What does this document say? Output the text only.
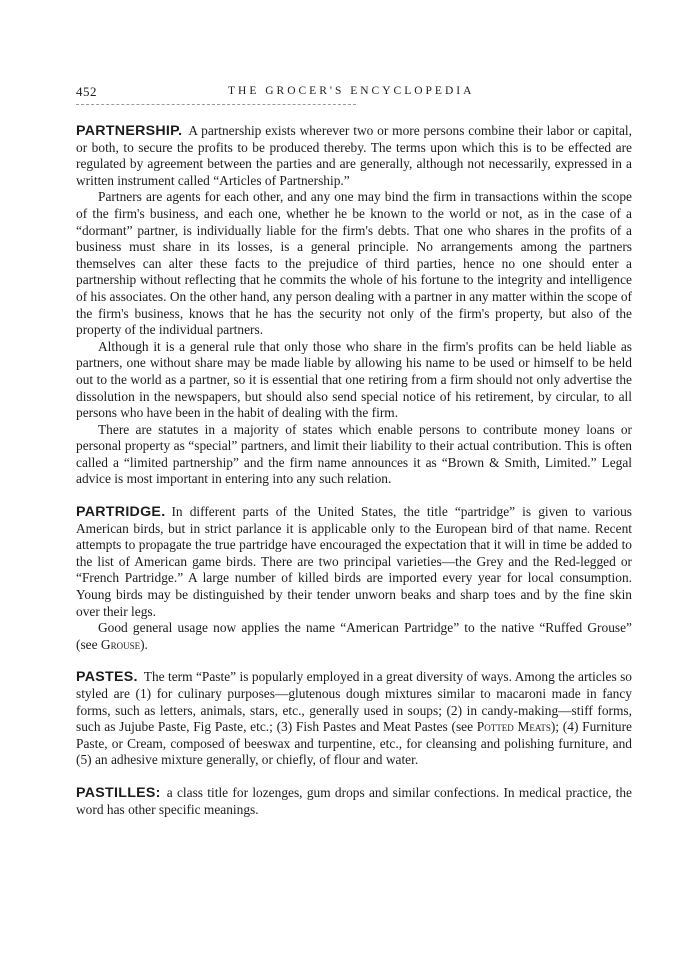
452	THE GROCER'S ENCYCLOPEDIA

PARTNERSHIP. A partnership exists wherever two or more persons combine their labor or capital, or both, to secure the profits to be produced thereby. The terms upon which this is to be effected are regulated by agreement between the parties and are generally, although not necessarily, expressed in a written instrument called “Articles of Partnership.”

Partners are agents for each other, and any one may bind the firm in transactions within the scope of the firm's business, and each one, whether he be known to the world or not, as in the case of a “dormant” partner, is individually liable for the firm's debts. That one who shares in the profits of a business must share in its losses, is a general principle. No arrangements among the partners themselves can alter these facts to the prejudice of third parties, hence no one should enter a partnership without reflecting that he commits the whole of his fortune to the integrity and intelligence of his associates. On the other hand, any person dealing with a partner in any matter within the scope of the firm's business, knows that he has the security not only of the firm's property, but also of the property of the individual partners.

Although it is a general rule that only those who share in the firm's profits can be held liable as partners, one without share may be made liable by allowing his name to be used or himself to be held out to the world as a partner, so it is essential that one retiring from a firm should not only advertise the dissolution in the newspapers, but should also send special notice of his retirement, by circular, to all persons who have been in the habit of dealing with the firm.

There are statutes in a majority of states which enable persons to contribute money loans or personal property as “special” partners, and limit their liability to their actual contribution. This is often called a “limited partnership” and the firm name announces it as “Brown & Smith, Limited.” Legal advice is most important in entering into any such relation.

PARTRIDGE. In different parts of the United States, the title “partridge” is given to various American birds, but in strict parlance it is applicable only to the European bird of that name. Recent attempts to propagate the true partridge have encouraged the expectation that it will in time be added to the list of American game birds. There are two principal varieties—the Grey and the Red-legged or “French Partridge.” A large number of killed birds are imported every year for local consumption. Young birds may be distinguished by their tender unworn beaks and sharp toes and by the fine skin over their legs.

Good general usage now applies the name “American Partridge” to the native “Ruffed Grouse” (see Grouse).

PASTES. The term “Paste” is popularly employed in a great diversity of ways. Among the articles so styled are (1) for culinary purposes—glutenous dough mixtures similar to macaroni made in fancy forms, such as letters, animals, stars, etc., generally used in soups; (2) in candy-making—stiff forms, such as Jujube Paste, Fig Paste, etc.; (3) Fish Pastes and Meat Pastes (see Potted Meats); (4) Furniture Paste, or Cream, composed of beeswax and turpentine, etc., for cleansing and polishing furniture, and (5) an adhesive mixture generally, or chiefly, of flour and water.

PASTILLES: a class title for lozenges, gum drops and similar confections. In medical practice, the word has other specific meanings.
